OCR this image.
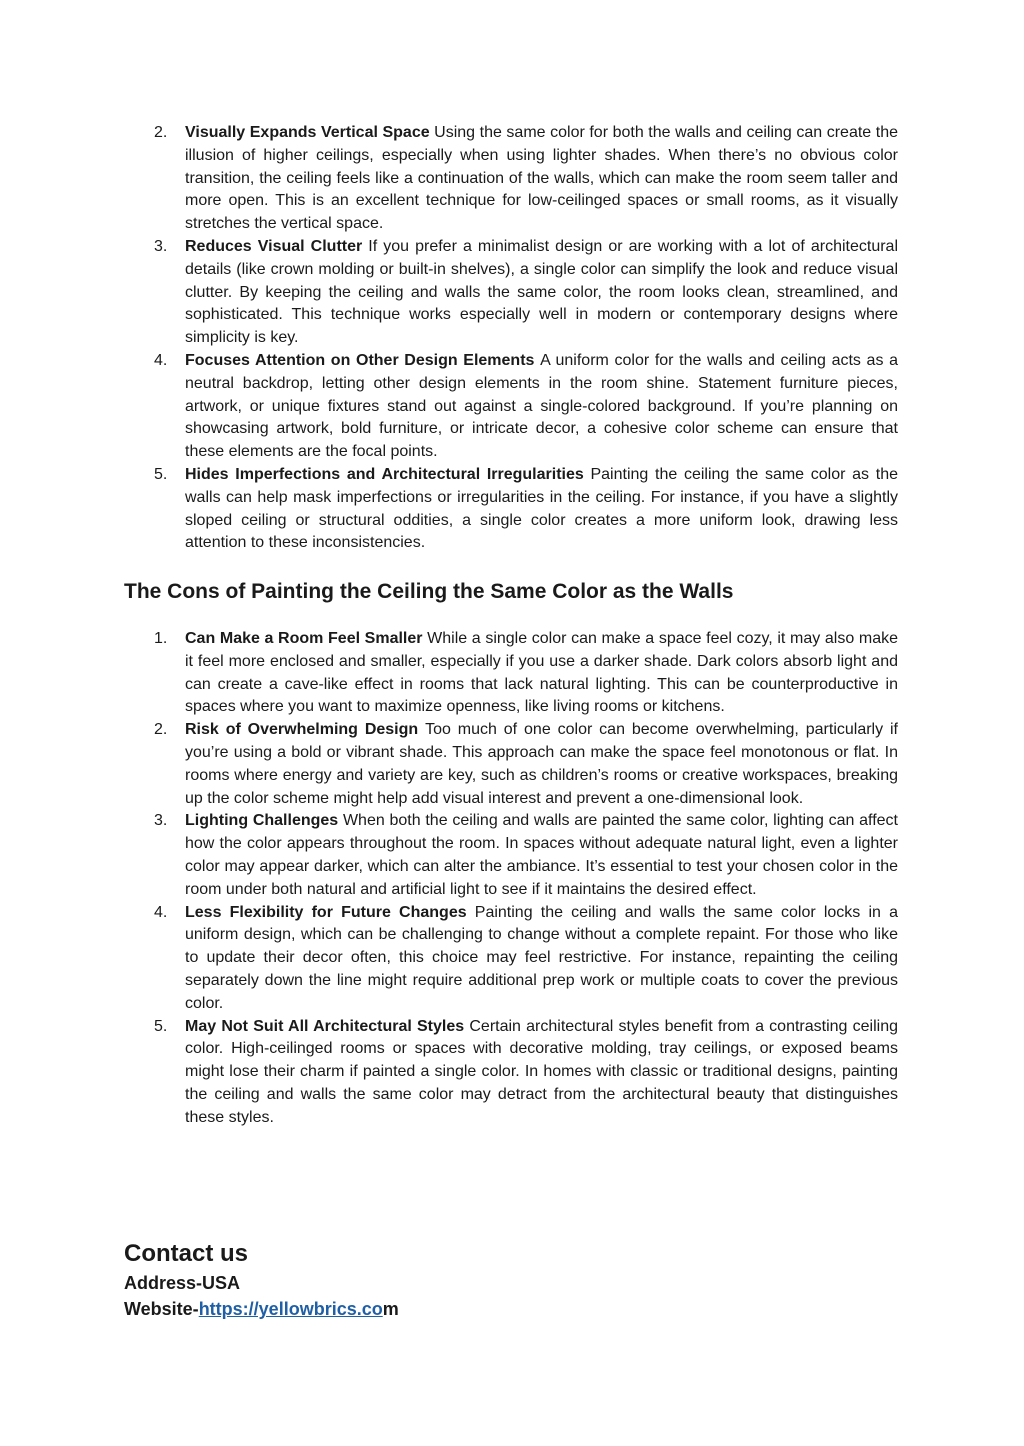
2.	Visually Expands Vertical Space Using the same color for both the walls and ceiling can create the illusion of higher ceilings, especially when using lighter shades. When there’s no obvious color transition, the ceiling feels like a continuation of the walls, which can make the room seem taller and more open. This is an excellent technique for low-ceilinged spaces or small rooms, as it visually stretches the vertical space.
3.	Reduces Visual Clutter If you prefer a minimalist design or are working with a lot of architectural details (like crown molding or built-in shelves), a single color can simplify the look and reduce visual clutter. By keeping the ceiling and walls the same color, the room looks clean, streamlined, and sophisticated. This technique works especially well in modern or contemporary designs where simplicity is key.
4.	Focuses Attention on Other Design Elements A uniform color for the walls and ceiling acts as a neutral backdrop, letting other design elements in the room shine. Statement furniture pieces, artwork, or unique fixtures stand out against a single-colored background. If you’re planning on showcasing artwork, bold furniture, or intricate decor, a cohesive color scheme can ensure that these elements are the focal points.
5.	Hides Imperfections and Architectural Irregularities Painting the ceiling the same color as the walls can help mask imperfections or irregularities in the ceiling. For instance, if you have a slightly sloped ceiling or structural oddities, a single color creates a more uniform look, drawing less attention to these inconsistencies.
The Cons of Painting the Ceiling the Same Color as the Walls
1.	Can Make a Room Feel Smaller While a single color can make a space feel cozy, it may also make it feel more enclosed and smaller, especially if you use a darker shade. Dark colors absorb light and can create a cave-like effect in rooms that lack natural lighting. This can be counterproductive in spaces where you want to maximize openness, like living rooms or kitchens.
2.	Risk of Overwhelming Design Too much of one color can become overwhelming, particularly if you’re using a bold or vibrant shade. This approach can make the space feel monotonous or flat. In rooms where energy and variety are key, such as children’s rooms or creative workspaces, breaking up the color scheme might help add visual interest and prevent a one-dimensional look.
3.	Lighting Challenges When both the ceiling and walls are painted the same color, lighting can affect how the color appears throughout the room. In spaces without adequate natural light, even a lighter color may appear darker, which can alter the ambiance. It’s essential to test your chosen color in the room under both natural and artificial light to see if it maintains the desired effect.
4.	Less Flexibility for Future Changes Painting the ceiling and walls the same color locks in a uniform design, which can be challenging to change without a complete repaint. For those who like to update their decor often, this choice may feel restrictive. For instance, repainting the ceiling separately down the line might require additional prep work or multiple coats to cover the previous color.
5.	May Not Suit All Architectural Styles Certain architectural styles benefit from a contrasting ceiling color. High-ceilinged rooms or spaces with decorative molding, tray ceilings, or exposed beams might lose their charm if painted a single color. In homes with classic or traditional designs, painting the ceiling and walls the same color may detract from the architectural beauty that distinguishes these styles.
Contact us
Address-USA
Website-https://yellowbrics.com
